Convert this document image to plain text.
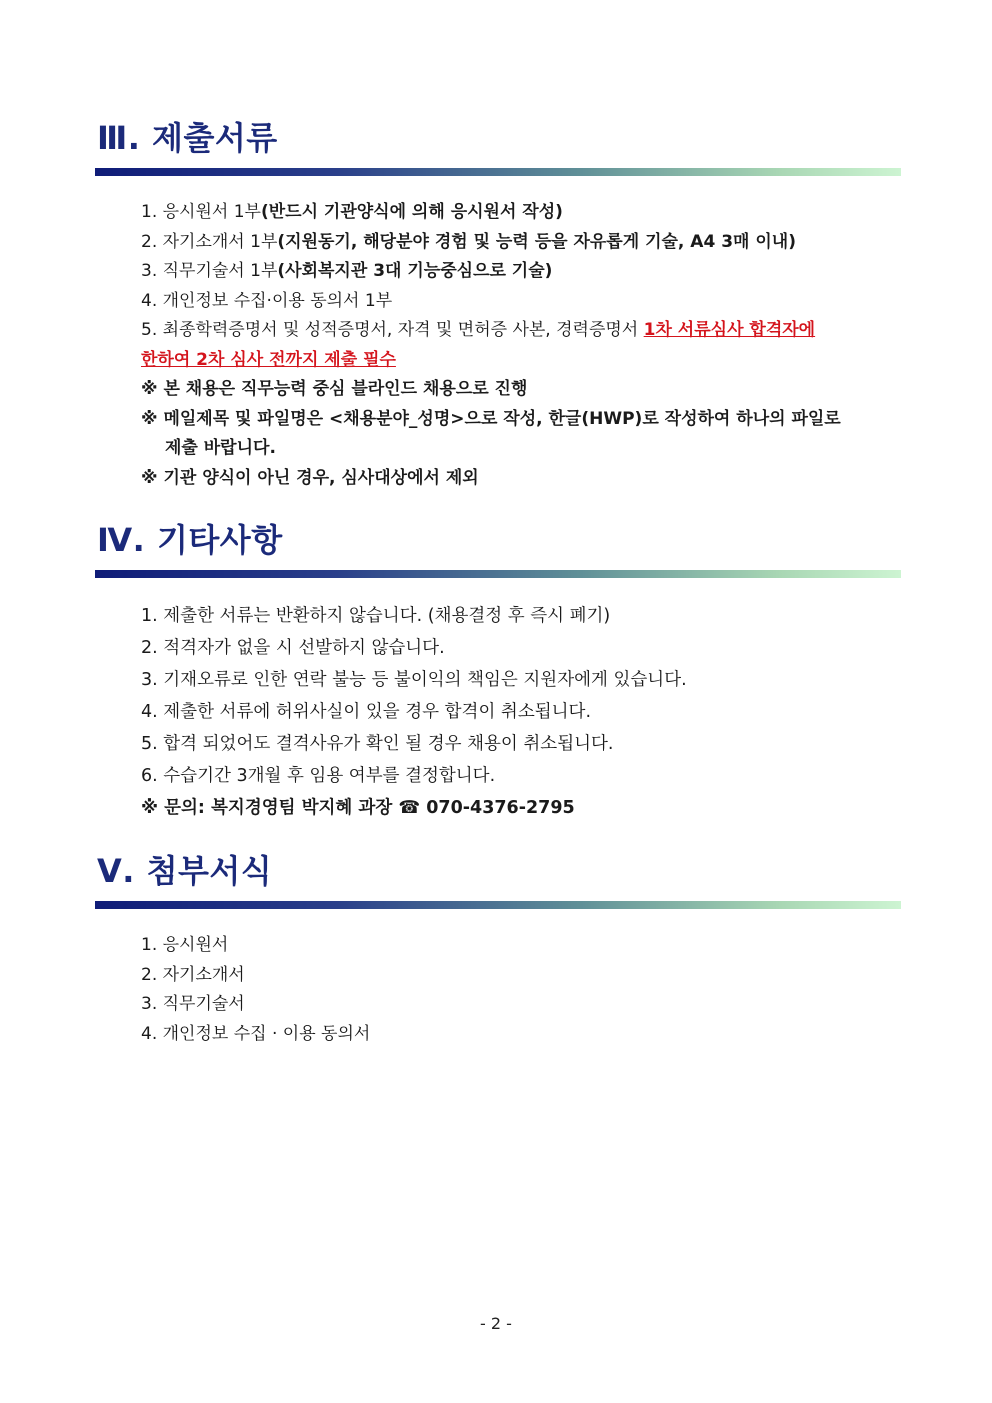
Ⅲ. 제출서류
1. 응시원서 1부(반드시 기관양식에 의해 응시원서 작성)
2. 자기소개서 1부(지원동기, 해당분야 경험 및 능력 등을 자유롭게 기술, A4 3매 이내)
3. 직무기술서 1부(사회복지관 3대 기능중심으로 기술)
4. 개인정보 수집·이용 동의서 1부
5. 최종학력증명서 및 성적증명서, 자격 및 면허증 사본, 경력증명서 1차 서류심사 합격자에
한하여 2차 심사 전까지 제출 필수
※ 본 채용은 직무능력 중심 블라인드 채용으로 진행
※ 메일제목 및 파일명은 <채용분야_성명>으로 작성, 한글(HWP)로 작성하여 하나의 파일로
제출 바랍니다.
※ 기관 양식이 아닌 경우, 심사대상에서 제외
Ⅳ. 기타사항
1. 제출한 서류는 반환하지 않습니다. (채용결정 후 즉시 폐기)
2. 적격자가 없을 시 선발하지 않습니다.
3. 기재오류로 인한 연락 불능 등 불이익의 책임은 지원자에게 있습니다.
4. 제출한 서류에 허위사실이 있을 경우 합격이 취소됩니다.
5. 합격 되었어도 결격사유가 확인 될 경우 채용이 취소됩니다.
6. 수습기간 3개월 후 임용 여부를 결정합니다.
※ 문의: 복지경영팀 박지혜 과장 ☎ 070-4376-2795
Ⅴ. 첨부서식
1. 응시원서
2. 자기소개서
3. 직무기술서
4. 개인정보 수집 · 이용 동의서
- 2 -
